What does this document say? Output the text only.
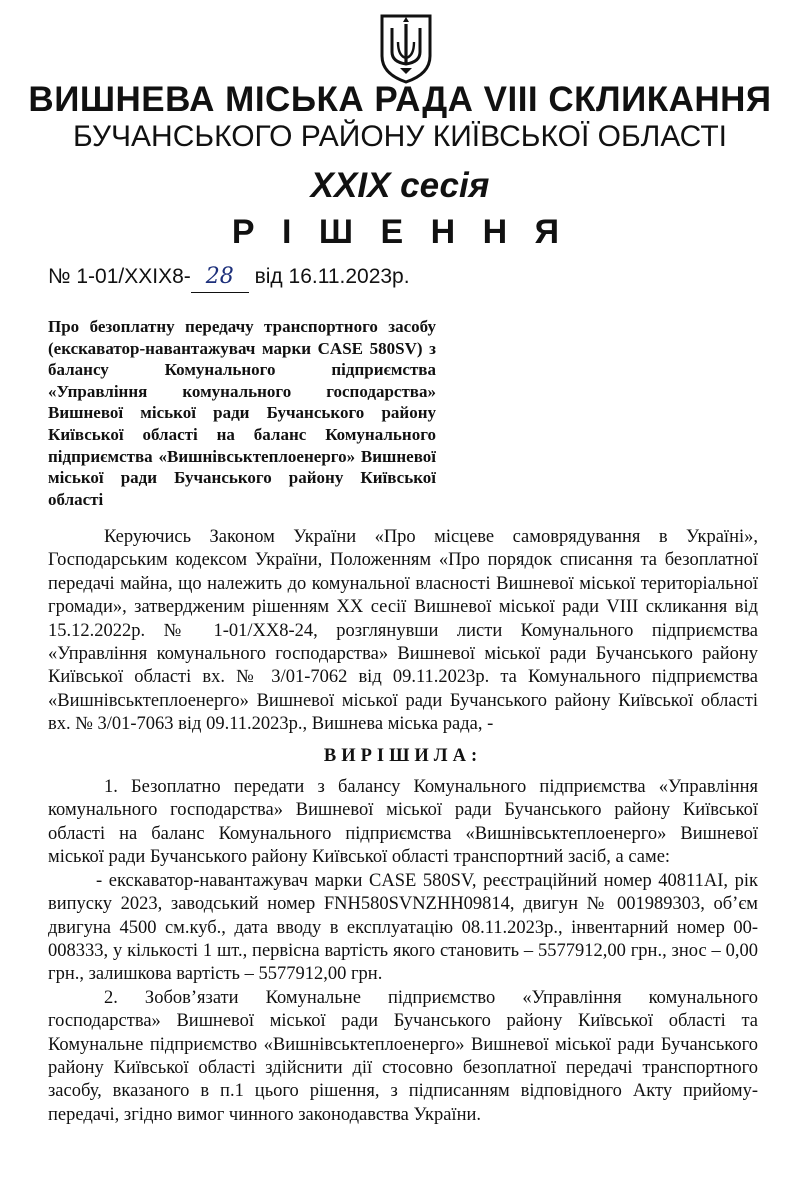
ВИШНЕВА МІСЬКА РАДА VIII СКЛИКАННЯ
БУЧАНСЬКОГО РАЙОНУ КИЇВСЬКОЇ ОБЛАСТІ
XXIX сесія
Р І Ш Е Н Н Я
№ 1-01/XXIX8- 28 від 16.11.2023р.
Про безоплатну передачу транспортного засобу (екскаватор-навантажувач марки CASE 580SV) з балансу Комунального підприємства «Управління комунального господарства» Вишневої міської ради Бучанського району Київської області на баланс Комунального підприємства «Вишнівськтеплоенерго» Вишневої міської ради Бучанського району Київської області

Керуючись Законом України «Про місцеве самоврядування в Україні», Господарським кодексом України, Положенням «Про порядок списання та безоплатної передачі майна, що належить до комунальної власності Вишневої міської територіальної громади», затвердженим рішенням XX сесії Вишневої міської ради VIII скликання від 15.12.2022р. № 1-01/XX8-24, розглянувши листи Комунального підприємства «Управління комунального господарства» Вишневої міської ради Бучанського району Київської області вх. № 3/01-7062 від 09.11.2023р. та Комунального підприємства «Вишнівськтеплоенерго» Вишневої міської ради Бучанського району Київської області вх. № 3/01-7063 від 09.11.2023р., Вишнева міська рада, -

ВИРІШИЛА:

1. Безоплатно передати з балансу Комунального підприємства «Управління комунального господарства» Вишневої міської ради Бучанського району Київської області на баланс Комунального підприємства «Вишнівськтеплоенерго» Вишневої міської ради Бучанського району Київської області транспортний засіб, а саме:

- екскаватор-навантажувач марки CASE 580SV, реєстраційний номер 40811АІ, рік випуску 2023, заводський номер FNH580SVNZHH09814, двигун № 001989303, об’єм двигуна 4500 см.куб., дата вводу в експлуатацію 08.11.2023р., інвентарний номер 00-008333, у кількості 1 шт., первісна вартість якого становить – 5577912,00 грн., знос – 0,00 грн., залишкова вартість – 5577912,00 грн.

2. Зобов’язати Комунальне підприємство «Управління комунального господарства» Вишневої міської ради Бучанського району Київської області та Комунальне підприємство «Вишнівськтеплоенерго» Вишневої міської ради Бучанського району Київської області здійснити дії стосовно безоплатної передачі транспортного засобу, вказаного в п.1 цього рішення, з підписанням відповідного Акту прийому-передачі, згідно вимог чинного законодавства України.
